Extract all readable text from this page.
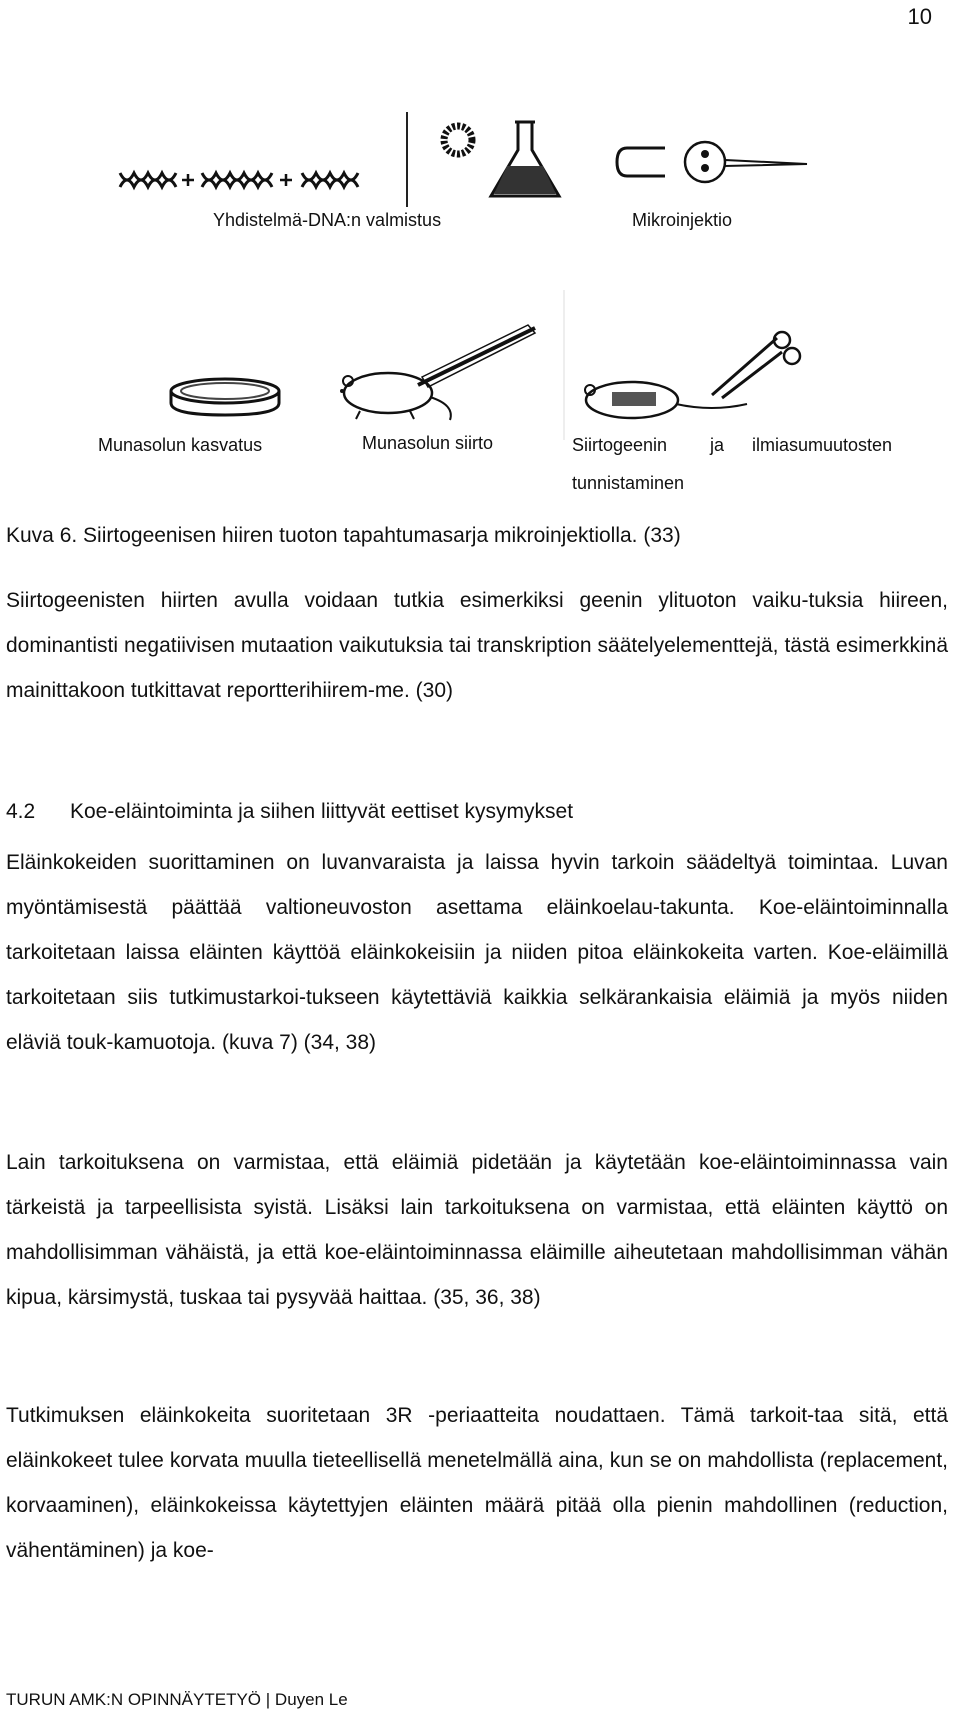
10
Yhdistelmä-DNA:n valmistus	Mikroinjektio
Munasolun kasvatus	Munasolun siirto	Siirtogeenin ja ilmiasumuutosten
tunnistaminen
Kuva 6. Siirtogeenisen hiiren tuoton tapahtumasarja mikroinjektiolla. (33)

Siirtogeenisten hiirten avulla voidaan tutkia esimerkiksi geenin ylituoton vaiku-tuksia hiireen, dominantisti negatiivisen mutaation vaikutuksia tai transkription säätelyelementtejä, tästä esimerkkinä mainittakoon tutkittavat reportterihiirem-me. (30)

4.2 Koe-eläintoiminta ja siihen liittyvät eettiset kysymykset

Eläinkokeiden suorittaminen on luvanvaraista ja laissa hyvin tarkoin säädeltyä toimintaa. Luvan myöntämisestä päättää valtioneuvoston asettama eläinkoelau-takunta. Koe-eläintoiminnalla tarkoitetaan laissa eläinten käyttöä eläinkokeisiin ja niiden pitoa eläinkokeita varten. Koe-eläimillä tarkoitetaan siis tutkimustarkoi-tukseen käytettäviä kaikkia selkärankaisia eläimiä ja myös niiden eläviä touk-kamuotoja. (kuva 7) (34, 38)

Lain tarkoituksena on varmistaa, että eläimiä pidetään ja käytetään koe-eläintoiminnassa vain tärkeistä ja tarpeellisista syistä. Lisäksi lain tarkoituksena on varmistaa, että eläinten käyttö on mahdollisimman vähäistä, ja että koe-eläintoiminnassa eläimille aiheutetaan mahdollisimman vähän kipua, kärsimystä, tuskaa tai pysyvää haittaa. (35, 36, 38)

Tutkimuksen eläinkokeita suoritetaan 3R -periaatteita noudattaen. Tämä tarkoit-taa sitä, että eläinkokeet tulee korvata muulla tieteellisellä menetelmällä aina, kun se on mahdollista (replacement, korvaaminen), eläinkokeissa käytettyjen eläinten määrä pitää olla pienin mahdollinen (reduction, vähentäminen) ja koe-

TURUN AMK:N OPINNÄYTETYÖ | Duyen Le
